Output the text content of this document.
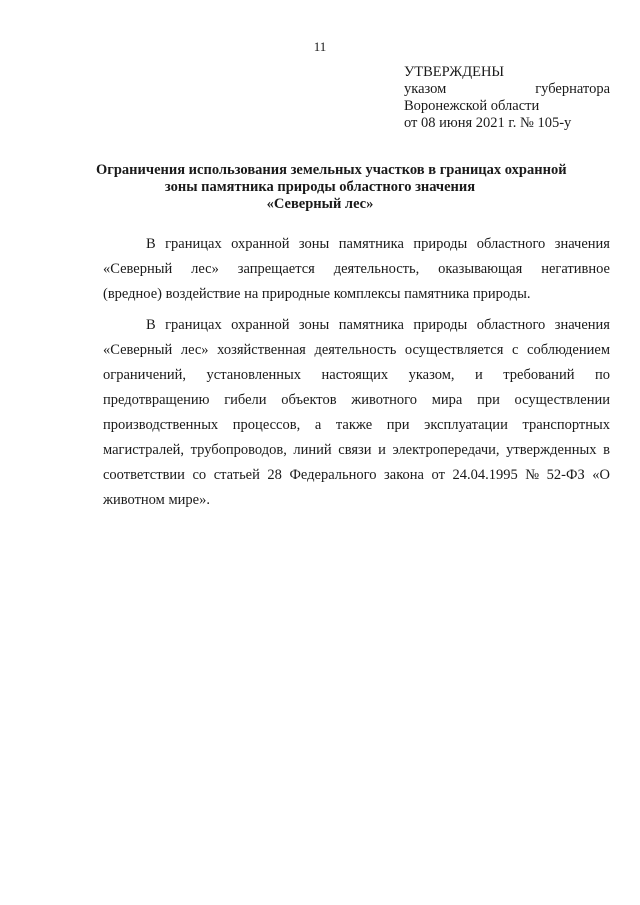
11
УТВЕРЖДЕНЫ
указом	губернатора
Воронежской области
от 08 июня 2021 г. № 105-у
Ограничения использования земельных участков в границах охранной
зоны памятника природы областного значения
«Северный лес»
В границах охранной зоны памятника природы областного значения
«Северный лес» запрещается деятельность, оказывающая негативное
(вредное) воздействие на природные комплексы памятника природы.
В границах охранной зоны памятника природы областного значения
«Северный лес» хозяйственная деятельность осуществляется с соблюдением
ограничений, установленных настоящих указом, и требований по
предотвращению гибели объектов животного мира при осуществлении
производственных процессов, а также при эксплуатации транспортных
магистралей, трубопроводов, линий связи и электропередачи, утвержденных в
соответствии со статьей 28 Федерального закона от 24.04.1995 № 52-ФЗ «О
животном мире».
